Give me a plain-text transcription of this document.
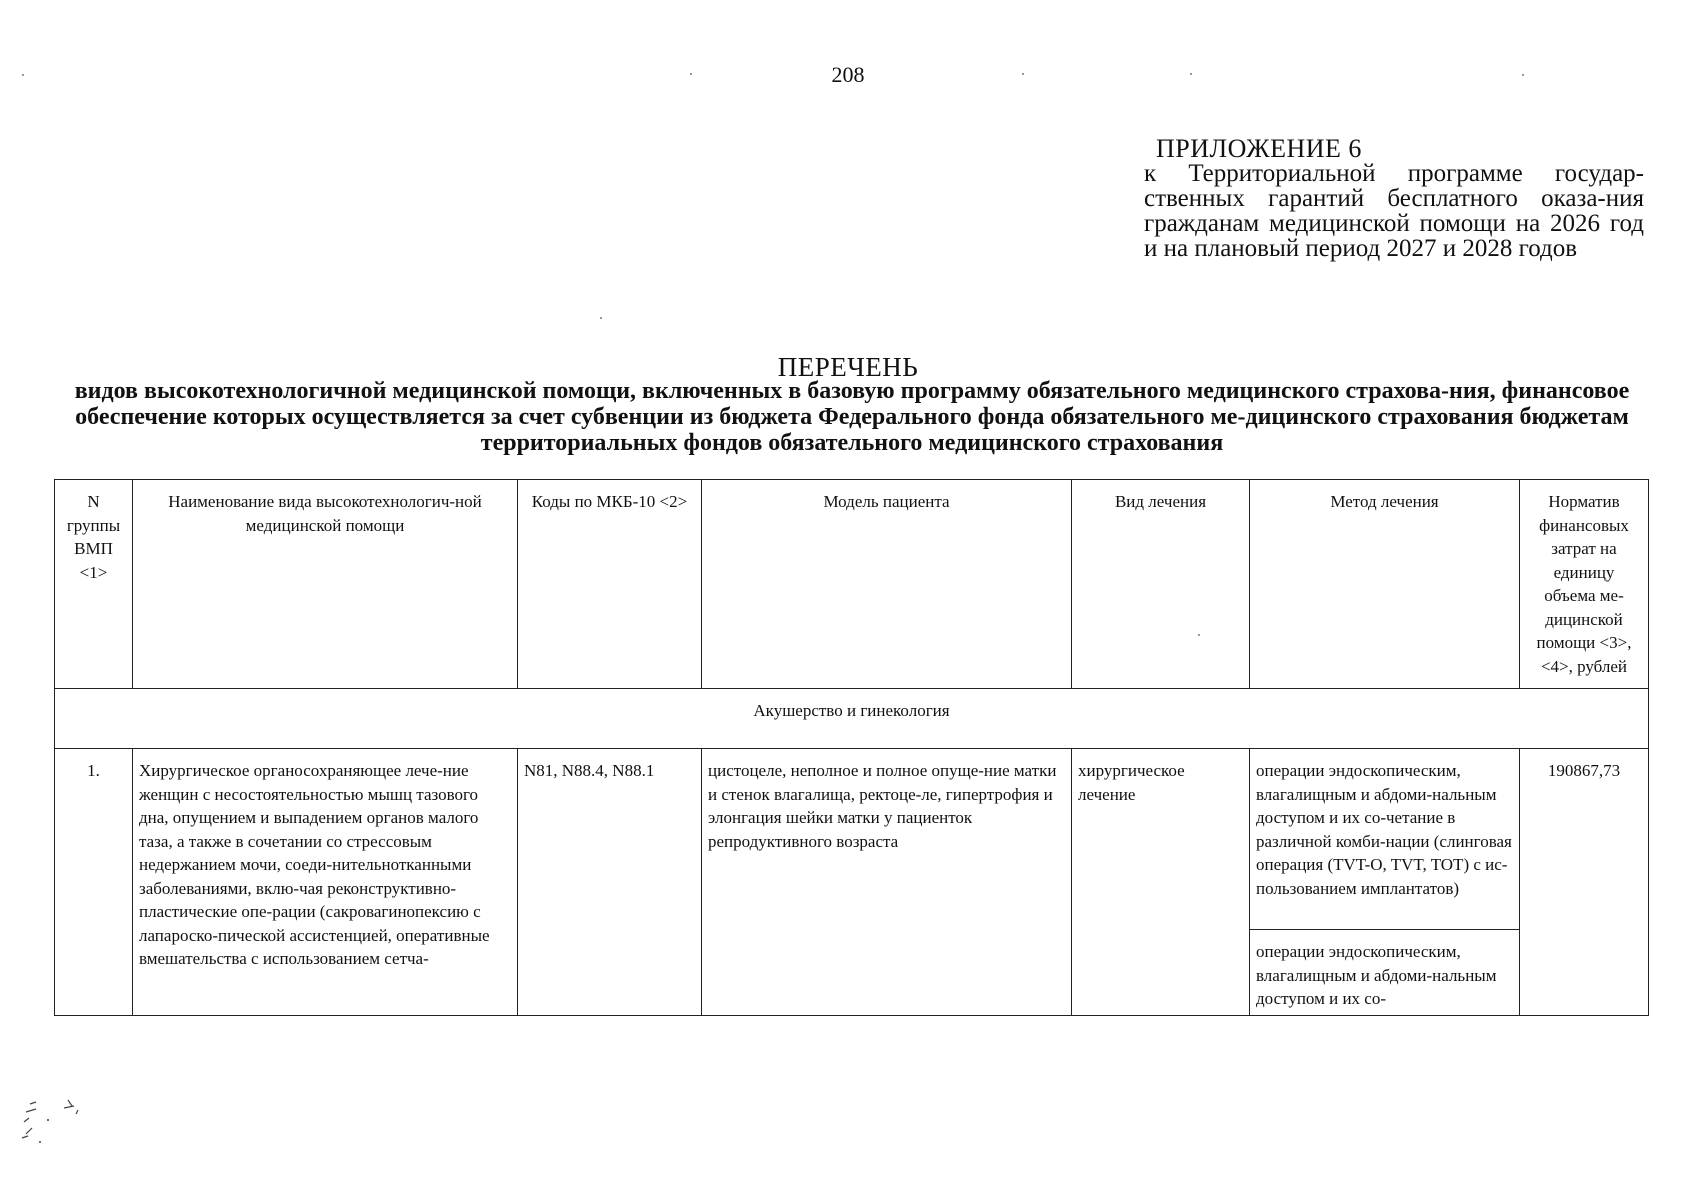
208
ПРИЛОЖЕНИЕ 6
к Территориальной программе государ-ственных гарантий бесплатного оказа-ния гражданам медицинской помощи на 2026 год и на плановый период 2027 и 2028 годов
ПЕРЕЧЕНЬ
видов высокотехнологичной медицинской помощи, включенных в базовую программу обязательного медицинского страхова-ния, финансовое обеспечение которых осуществляется за счет субвенции из бюджета Федерального фонда обязательного ме-дицинского страхования бюджетам территориальных фондов обязательного медицинского страхования
N группы ВМП <1>	Наименование вида высокотехнологич-ной медицинской помощи	Коды по МКБ-10 <2>	Модель пациента	Вид лечения	Метод лечения	Норматив финансовых затрат на единицу объема ме-дицинской помощи <3>, <4>, рублей
Акушерство и гинекология						
1.	Хирургическое органосохраняющее лече-ние женщин с несостоятельностью мышц тазового дна, опущением и выпадением органов малого таза, а также в сочетании со стрессовым недержанием мочи, соеди-нительнотканными заболеваниями, вклю-чая реконструктивно-пластические опе-рации (сакровагинопексию с лапароско-пической ассистенцией, оперативные вмешательства с использованием сетча-	N81, N88.4, N88.1	цистоцеле, неполное и полное опуще-ние матки и стенок влагалища, ректоце-ле, гипертрофия и элонгация шейки матки у пациенток репродуктивного возраста	хирургическое лечение	операции эндоскопическим, влагалищным и абдоми-нальным доступом и их со-четание в различной комби-нации (слинговая операция (TVT-O, TVT, TOT) с ис-пользованием имплантатов)	190867,73
					операции эндоскопическим, влагалищным и абдоми-нальным доступом и их со-	
